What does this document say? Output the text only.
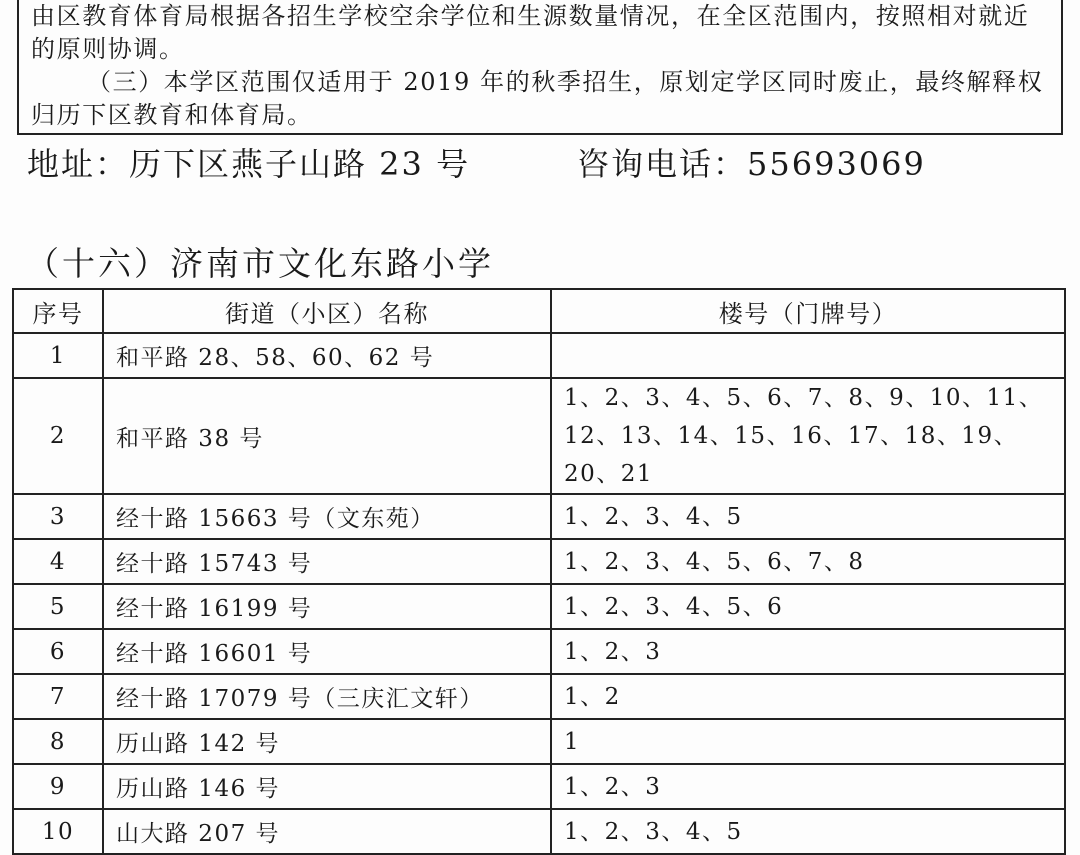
由区教育体育局根据各招生学校空余学位和生源数量情况，在全区范围内，按照相对就近的原则协调。

（三）本学区范围仅适用于 2019 年的秋季招生，原划定学区同时废止，最终解释权归历下区教育和体育局。

地址：历下区燕子山路 23 号	咨询电话：55693069
（十六）济南市文化东路小学
序号	街道（小区）名称	楼号（门牌号）
1	和平路 28、58、60、62 号	
2	和平路 38 号	1、2、3、4、5、6、7、8、9、10、11、12、13、14、15、16、17、18、19、20、21
3	经十路 15663 号（文东苑）	1、2、3、4、5
4	经十路 15743 号	1、2、3、4、5、6、7、8
5	经十路 16199 号	1、2、3、4、5、6
6	经十路 16601 号	1、2、3
7	经十路 17079 号（三庆汇文轩）	1、2
8	历山路 142 号	1
9	历山路 146 号	1、2、3
10	山大路 207 号	1、2、3、4、5
